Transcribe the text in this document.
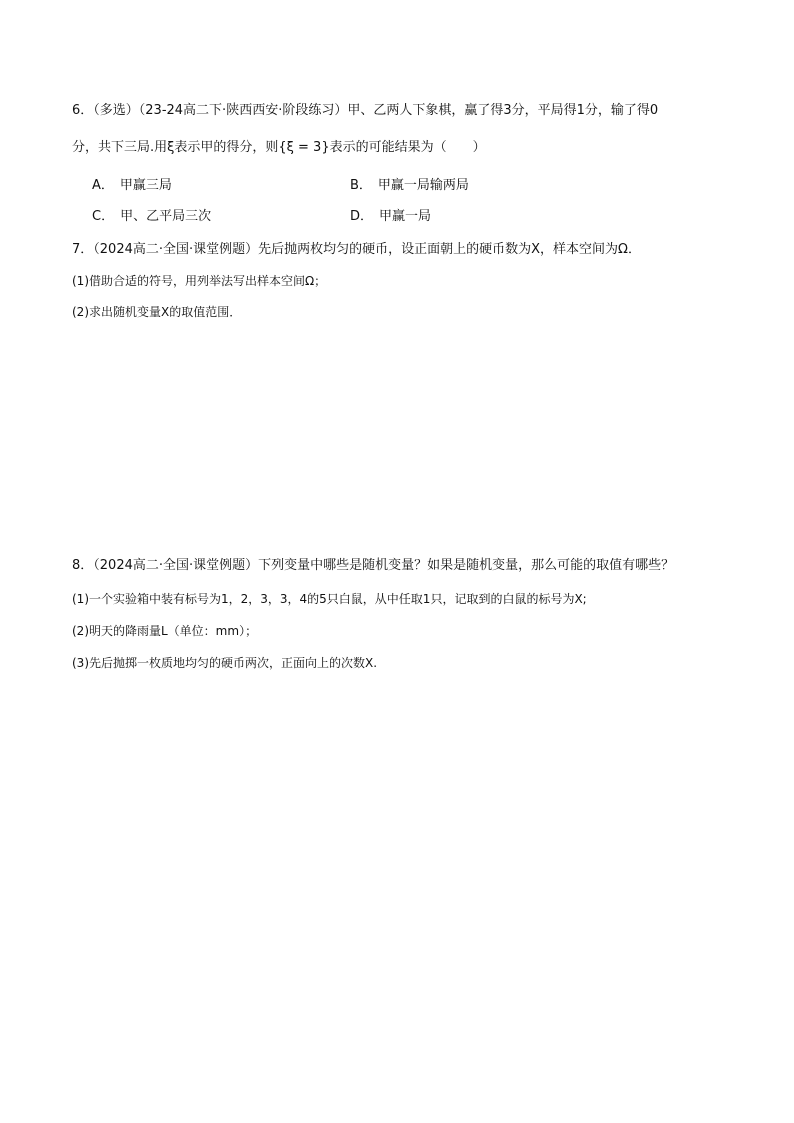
6．（多选）（23-24高二下·陕西西安·阶段练习）甲、乙两人下象棋，赢了得3分，平局得1分，输了得0
分，共下三局.用ξ表示甲的得分，则{ξ = 3}表示的可能结果为（　　）
A． 甲赢三局	B． 甲赢一局输两局
C． 甲、乙平局三次	D． 甲赢一局
7．（2024高二·全国·课堂例题）先后抛两枚均匀的硬币，设正面朝上的硬币数为X，样本空间为Ω．
(1)借助合适的符号，用列举法写出样本空间Ω；
(2)求出随机变量X的取值范围．
8．（2024高二·全国·课堂例题）下列变量中哪些是随机变量？如果是随机变量，那么可能的取值有哪些？
(1)一个实验箱中装有标号为1，2，3，3，4的5只白鼠，从中任取1只，记取到的白鼠的标号为X;
(2)明天的降雨量L（单位：mm）；
(3)先后抛掷一枚质地均匀的硬币两次，正面向上的次数X.
